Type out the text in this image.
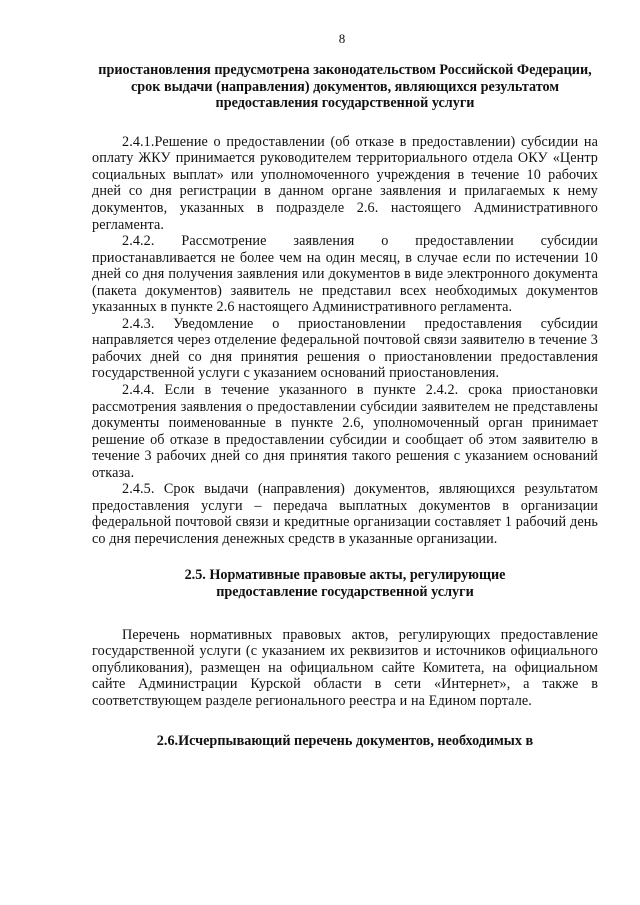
8
приостановления предусмотрена законодательством Российской Федерации, срок выдачи (направления) документов, являющихся результатом предоставления государственной услуги

2.4.1.Решение о предоставлении (об отказе в предоставлении) субсидии на оплату ЖКУ принимается руководителем территориального отдела ОКУ «Центр социальных выплат» или уполномоченного учреждения в течение 10 рабочих дней со дня регистрации в данном органе заявления и прилагаемых к нему документов, указанных в подразделе 2.6. настоящего Административного регламента.

2.4.2. Рассмотрение заявления о предоставлении субсидии приостанавливается не более чем на один месяц, в случае если по истечении 10 дней со дня получения заявления или документов в виде электронного документа (пакета документов) заявитель не представил всех необходимых документов указанных в пункте 2.6 настоящего Административного регламента.

2.4.3. Уведомление о приостановлении предоставления субсидии направляется через отделение федеральной почтовой связи заявителю в течение 3 рабочих дней со дня принятия решения о приостановлении предоставления государственной услуги с указанием оснований приостановления.

2.4.4. Если в течение указанного в пункте 2.4.2. срока приостановки рассмотрения заявления о предоставлении субсидии заявителем не представлены документы поименованные в пункте 2.6, уполномоченный орган принимает решение об отказе в предоставлении субсидии и сообщает об этом заявителю в течение 3 рабочих дней со дня принятия такого решения с указанием оснований отказа.

2.4.5. Срок выдачи (направления) документов, являющихся результатом предоставления услуги – передача выплатных документов в организации федеральной почтовой связи и кредитные организации составляет 1 рабочий день со дня перечисления денежных средств в указанные организации.

2.5. Нормативные правовые акты, регулирующие
предоставление государственной услуги

Перечень нормативных правовых актов, регулирующих предоставление государственной услуги (с указанием их реквизитов и источников официального опубликования), размещен на официальном сайте Комитета, на официальном сайте Администрации Курской области в сети «Интернет», а также в соответствующем разделе регионального реестра и на Едином портале.

2.6.Исчерпывающий перечень документов, необходимых в
